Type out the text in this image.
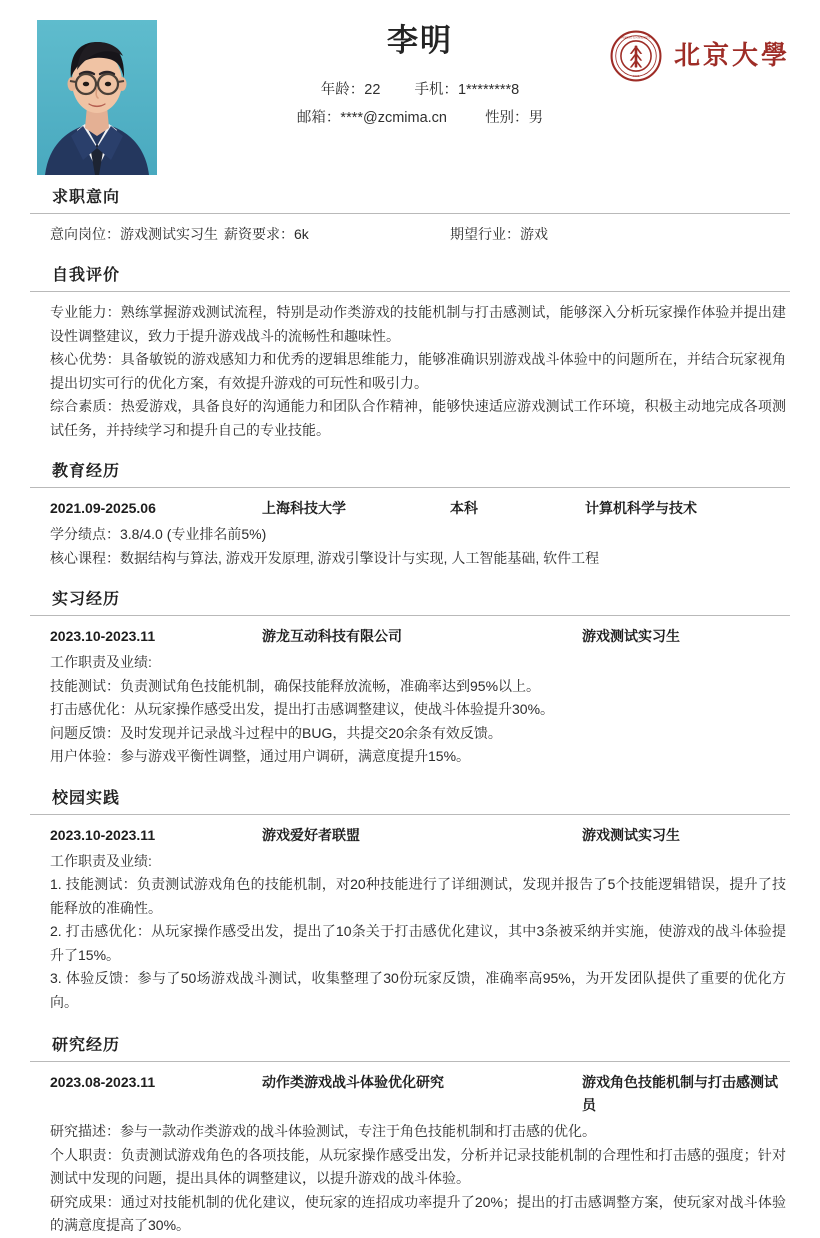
李明
年龄：22 手机：1********8
邮箱：****@zcmima.cn	性别：男
PEKING UNIVERSITY
1898
北京大學
求职意向
意向岗位：游戏测试实习生 薪资要求：6k	期望行业：游戏
自我评价

专业能力：熟练掌握游戏测试流程，特别是动作类游戏的技能机制与打击感测试，能够深入分析玩家操作体验并提出建设性调整建议，致力于提升游戏战斗的流畅性和趣味性。

核心优势：具备敏锐的游戏感知力和优秀的逻辑思维能力，能够准确识别游戏战斗体验中的问题所在，并结合玩家视角提出切实可行的优化方案，有效提升游戏的可玩性和吸引力。

综合素质：热爱游戏，具备良好的沟通能力和团队合作精神，能够快速适应游戏测试工作环境，积极主动地完成各项测试任务，并持续学习和提升自己的专业技能。

教育经历
2021.09-2025.06	上海科技大学	本科	计算机科学与技术

学分绩点：3.8/4.0 (专业排名前5%)

核心课程：数据结构与算法, 游戏开发原理, 游戏引擎设计与实现, 人工智能基础, 软件工程

实习经历
2023.10-2023.11	游龙互动科技有限公司	游戏测试实习生

工作职责及业绩:

技能测试：负责测试角色技能机制，确保技能释放流畅，准确率达到95%以上。

打击感优化：从玩家操作感受出发，提出打击感调整建议，使战斗体验提升30%。

问题反馈：及时发现并记录战斗过程中的BUG，共提交20余条有效反馈。

用户体验：参与游戏平衡性调整，通过用户调研，满意度提升15%。

校园实践
2023.10-2023.11	游戏爱好者联盟	游戏测试实习生

工作职责及业绩:

1. 技能测试：负责测试游戏角色的技能机制，对20种技能进行了详细测试，发现并报告了5个技能逻辑错误，提升了技能释放的准确性。

2. 打击感优化：从玩家操作感受出发，提出了10条关于打击感优化建议，其中3条被采纳并实施，使游戏的战斗体验提升了15%。

3. 体验反馈：参与了50场游戏战斗测试，收集整理了30份玩家反馈，准确率高95%，为开发团队提供了重要的优化方向。

研究经历
2023.08-2023.11	动作类游戏战斗体验优化研究	游戏角色技能机制与打击感测试员

研究描述：参与一款动作类游戏的战斗体验测试，专注于角色技能机制和打击感的优化。

个人职责：负责测试游戏角色的各项技能，从玩家操作感受出发，分析并记录技能机制的合理性和打击感的强度；针对测试中发现的问题，提出具体的调整建议，以提升游戏的战斗体验。

研究成果：通过对技能机制的优化建议，使玩家的连招成功率提升了20%；提出的打击感调整方案，使玩家对战斗体验的满意度提高了30%。
